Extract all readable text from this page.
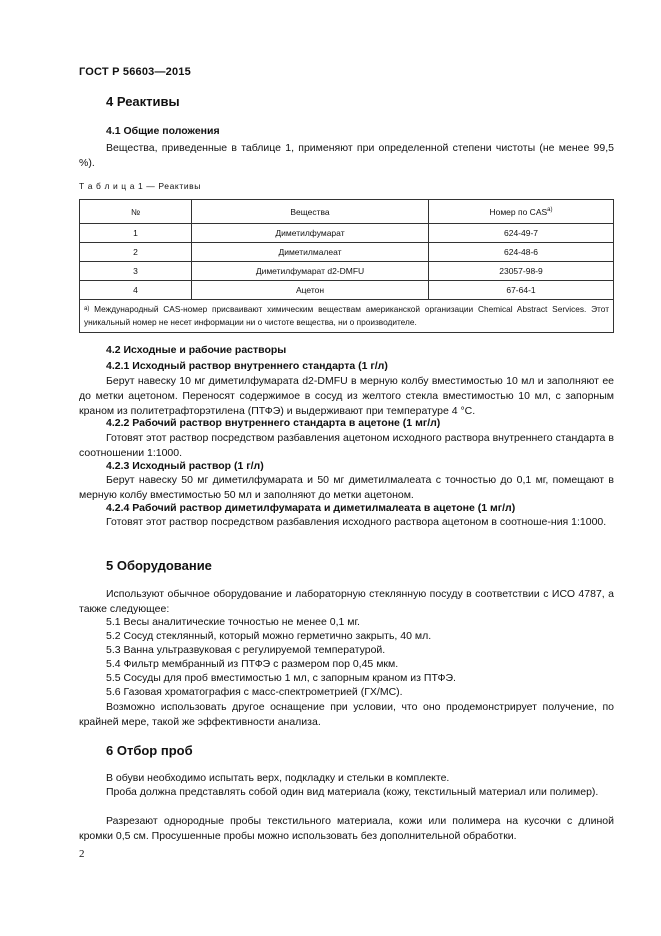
ГОСТ Р 56603—2015
4 Реактивы
4.1 Общие положения
Вещества, приведенные в таблице 1, применяют при определенной степени чистоты (не менее 99,5 %).
Т а б л и ц а 1 — Реактивы
№	Вещества	Номер по $CAS^{а)}$
1	Диметилфумарат	624-49-7
2	Диметилмалеат	624-48-6
3	Диметилфумарат d2-DMFU	23057-98-9
4	Ацетон	67-64-1
$^{а)}$ Международный CAS-номер присваивают химическим веществам американской организации Chemical Abstract Services. Этот уникальный номер не несет информации ни о чистоте вещества, ни о производителе.		
4.2 Исходные и рабочие растворы
4.2.1 Исходный раствор внутреннего стандарта (1 г/л)
Берут навеску 10 мг диметилфумарата d2-DMFU в мерную колбу вместимостью 10 мл и заполняют ее до метки ацетоном. Переносят содержимое в сосуд из желтого стекла вместимостью 10 мл, с запорным краном из политетрафторэтилена (ПТФЭ) и выдерживают при температуре 4 °C.
4.2.2 Рабочий раствор внутреннего стандарта в ацетоне (1 мг/л)
Готовят этот раствор посредством разбавления ацетоном исходного раствора внутреннего стандарта в соотношении 1:1000.
4.2.3 Исходный раствор (1 г/л)
Берут навеску 50 мг диметилфумарата и 50 мг диметилмалеата с точностью до 0,1 мг, помещают в мерную колбу вместимостью 50 мл и заполняют до метки ацетоном.
4.2.4 Рабочий раствор диметилфумарата и диметилмалеата в ацетоне (1 мг/л)
Готовят этот раствор посредством разбавления исходного раствора ацетоном в соотноше-ния 1:1000.
5 Оборудование
Используют обычное оборудование и лабораторную стеклянную посуду в соответствии с ИСО 4787, а также следующее:
5.1 Весы аналитические точностью не менее 0,1 мг.
5.2 Сосуд стеклянный, который можно герметично закрыть, 40 мл.
5.3 Ванна ультразвуковая с регулируемой температурой.
5.4 Фильтр мембранный из ПТФЭ с размером пор 0,45 мкм.
5.5 Сосуды для проб вместимостью 1 мл, с запорным краном из ПТФЭ.
5.6 Газовая хроматография с масс-спектрометрией (ГХ/МС).
Возможно использовать другое оснащение при условии, что оно продемонстрирует получение, по крайней мере, такой же эффективности анализа.
6 Отбор проб
В обуви необходимо испытать верх, подкладку и стельки в комплекте.
Проба должна представлять собой один вид материала (кожу, текстильный материал или полимер).
Разрезают однородные пробы текстильного материала, кожи или полимера на кусочки с длиной кромки 0,5 см. Просушенные пробы можно использовать без дополнительной обработки.
2
